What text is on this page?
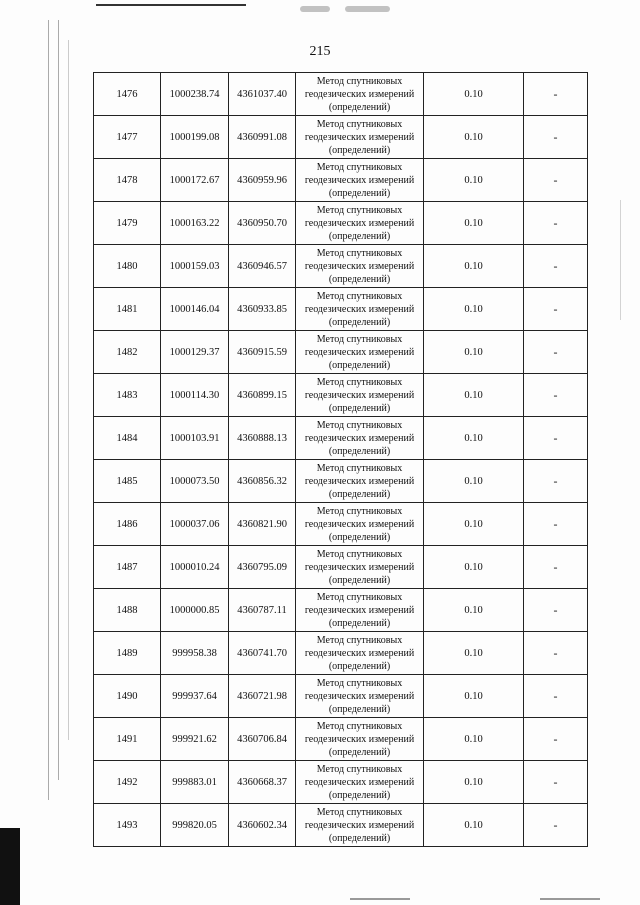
215
1476	1000238.74	4361037.40	Метод спутниковых
геодезических измерений
(определений)	0.10	-
1477	1000199.08	4360991.08	Метод спутниковых
геодезических измерений
(определений)	0.10	-
1478	1000172.67	4360959.96	Метод спутниковых
геодезических измерений
(определений)	0.10	-
1479	1000163.22	4360950.70	Метод спутниковых
геодезических измерений
(определений)	0.10	-
1480	1000159.03	4360946.57	Метод спутниковых
геодезических измерений
(определений)	0.10	-
1481	1000146.04	4360933.85	Метод спутниковых
геодезических измерений
(определений)	0.10	-
1482	1000129.37	4360915.59	Метод спутниковых
геодезических измерений
(определений)	0.10	-
1483	1000114.30	4360899.15	Метод спутниковых
геодезических измерений
(определений)	0.10	-
1484	1000103.91	4360888.13	Метод спутниковых
геодезических измерений
(определений)	0.10	-
1485	1000073.50	4360856.32	Метод спутниковых
геодезических измерений
(определений)	0.10	-
1486	1000037.06	4360821.90	Метод спутниковых
геодезических измерений
(определений)	0.10	-
1487	1000010.24	4360795.09	Метод спутниковых
геодезических измерений
(определений)	0.10	-
1488	1000000.85	4360787.11	Метод спутниковых
геодезических измерений
(определений)	0.10	-
1489	999958.38	4360741.70	Метод спутниковых
геодезических измерений
(определений)	0.10	-
1490	999937.64	4360721.98	Метод спутниковых
геодезических измерений
(определений)	0.10	-
1491	999921.62	4360706.84	Метод спутниковых
геодезических измерений
(определений)	0.10	-
1492	999883.01	4360668.37	Метод спутниковых
геодезических измерений
(определений)	0.10	-
1493	999820.05	4360602.34	Метод спутниковых
геодезических измерений
(определений)	0.10	-
